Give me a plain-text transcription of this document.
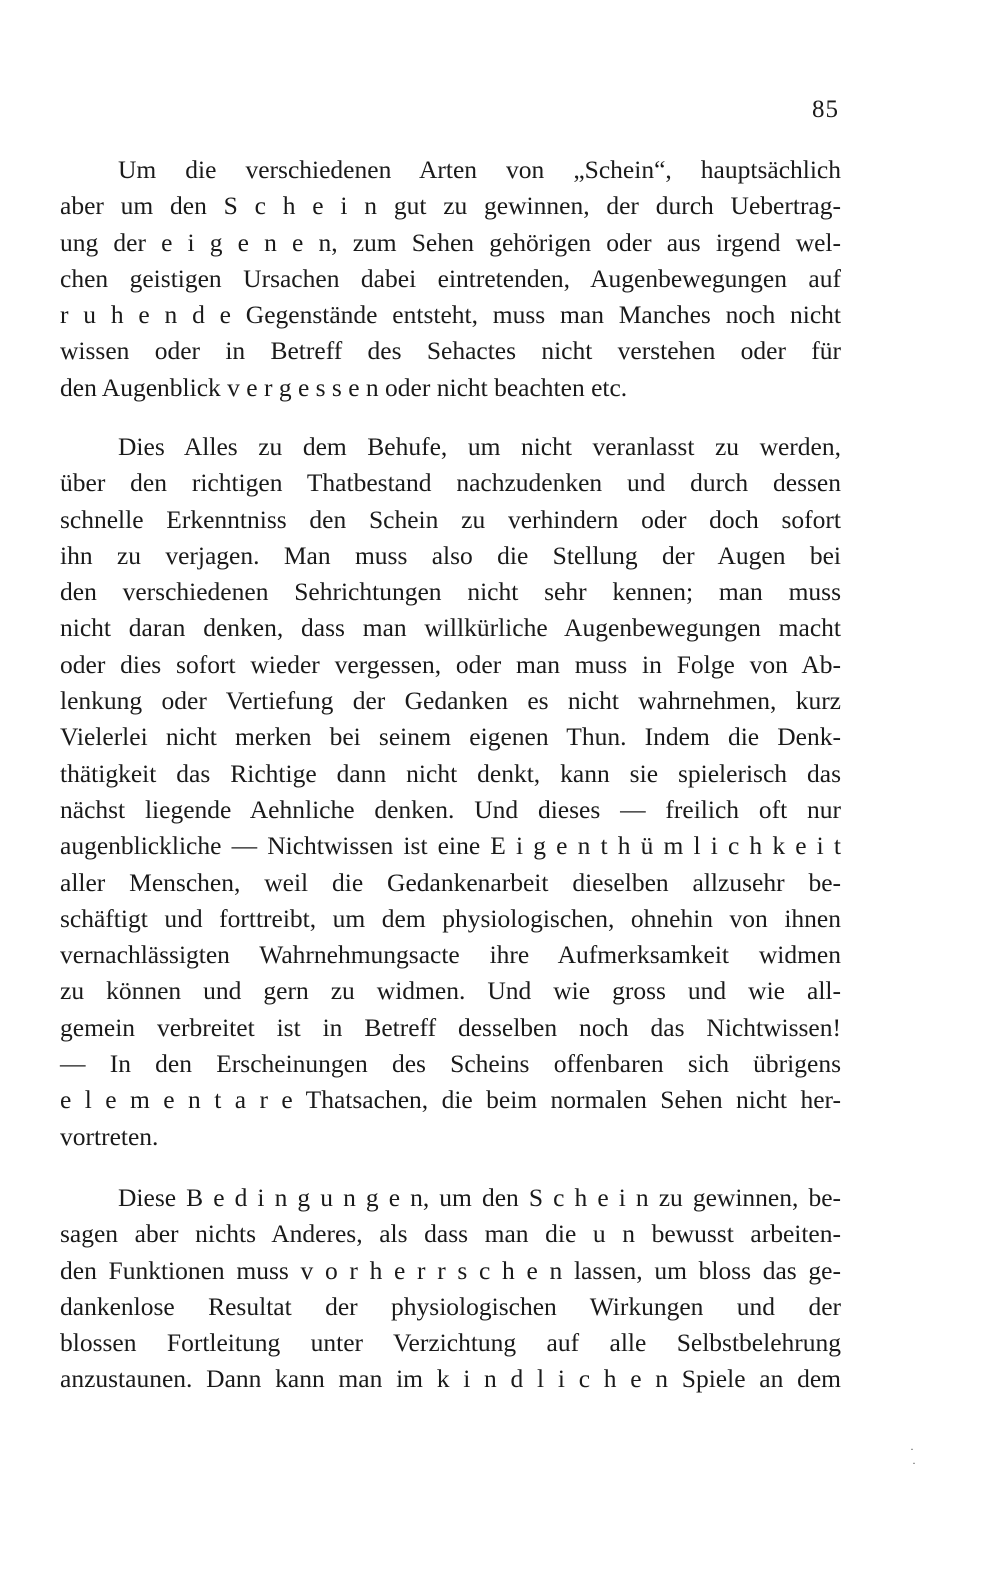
85
Um die verschiedenen Arten von „Schein“, hauptsächlich
aber um den S c h e i n gut zu gewinnen, der durch Uebertrag-
ung der e i g e n e n, zum Sehen gehörigen oder aus irgend wel-
chen geistigen Ursachen dabei eintretenden, Augenbewegungen auf
r u h e n d e Gegenstände entsteht, muss man Manches noch nicht
wissen oder in Betreff des Sehactes nicht verstehen oder für
den Augenblick v e r g e s s e n oder nicht beachten etc.
Dies Alles zu dem Behufe, um nicht veranlasst zu werden,
über den richtigen Thatbestand nachzudenken und durch dessen
schnelle Erkenntniss den Schein zu verhindern oder doch sofort
ihn zu verjagen. Man muss also die Stellung der Augen bei
den verschiedenen Sehrichtungen nicht sehr kennen; man muss
nicht daran denken, dass man willkürliche Augenbewegungen macht
oder dies sofort wieder vergessen, oder man muss in Folge von Ab-
lenkung oder Vertiefung der Gedanken es nicht wahrnehmen, kurz
Vielerlei nicht merken bei seinem eigenen Thun. Indem die Denk-
thätigkeit das Richtige dann nicht denkt, kann sie spielerisch das
nächst liegende Aehnliche denken. Und dieses — freilich oft nur
augenblickliche — Nichtwissen ist eine E i g e n t h ü m l i c h k e i t
aller Menschen, weil die Gedankenarbeit dieselben allzusehr be-
schäftigt und forttreibt, um dem physiologischen, ohnehin von ihnen
vernachlässigten Wahrnehmungsacte ihre Aufmerksamkeit widmen
zu können und gern zu widmen. Und wie gross und wie all-
gemein verbreitet ist in Betreff desselben noch das Nichtwissen!
— In den Erscheinungen des Scheins offenbaren sich übrigens
e l e m e n t a r e Thatsachen, die beim normalen Sehen nicht her-
vortreten.
Diese B e d i n g u n g e n, um den S c h e i n zu gewinnen, be-
sagen aber nichts Anderes, als dass man die u n bewusst arbeiten-
den Funktionen muss v o r h e r r s c h e n lassen, um bloss das ge-
dankenlose Resultat der physiologischen Wirkungen und der
blossen Fortleitung unter Verzichtung auf alle Selbstbelehrung
anzustaunen. Dann kann man im k i n d l i c h e n Spiele an dem
·
·
